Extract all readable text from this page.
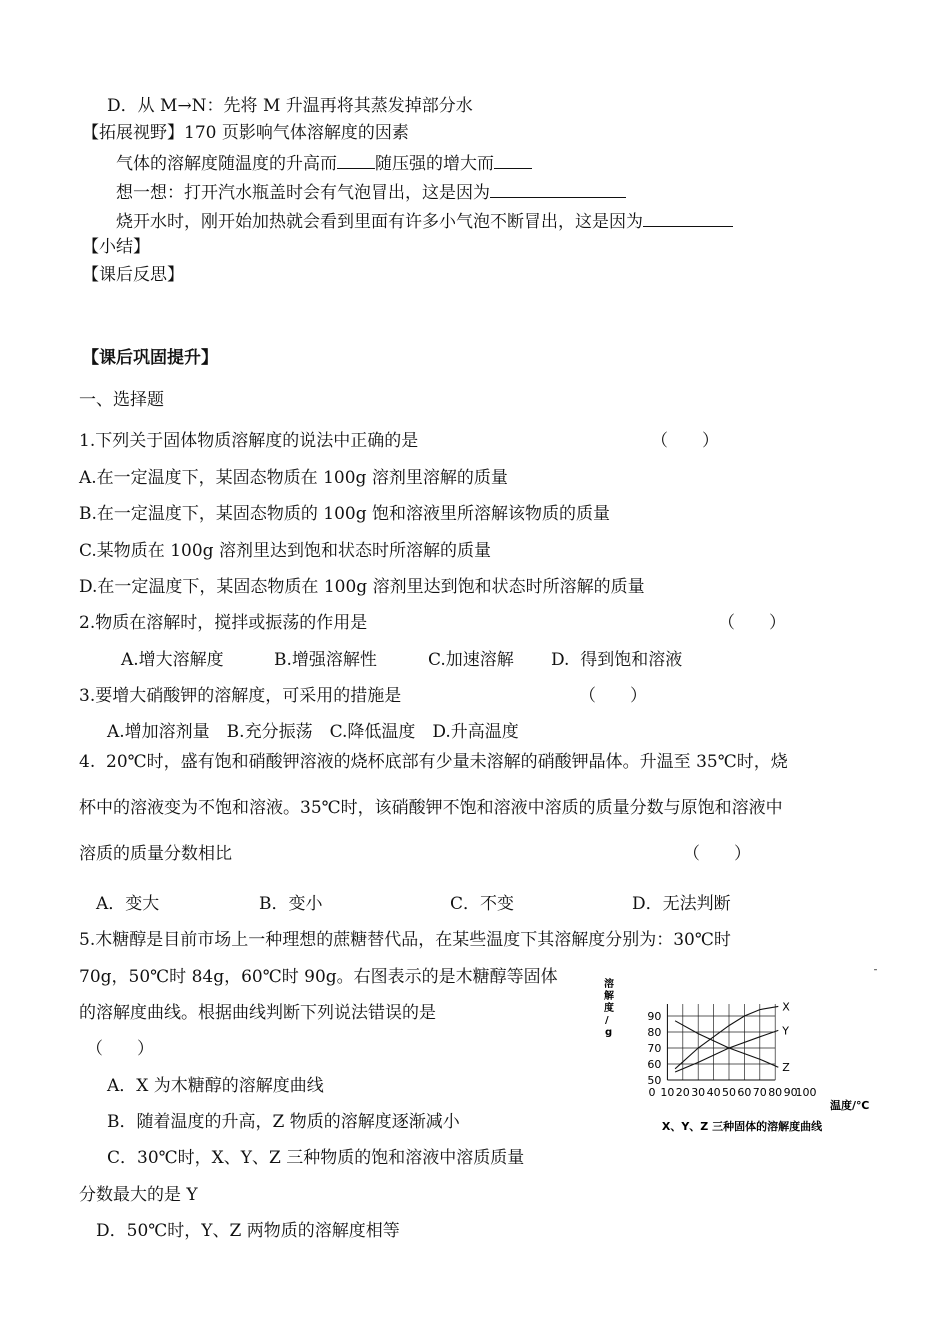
D．从 M→N：先将 M 升温再将其蒸发掉部分水
【拓展视野】170 页影响气体溶解度的因素
气体的溶解度随温度的升高而 随压强的增大而
想一想：打开汽水瓶盖时会有气泡冒出，这是因为
烧开水时，刚开始加热就会看到里面有许多小气泡不断冒出，这是因为
【小结】
【课后反思】
【课后巩固提升】
一、选择题
1.下列关于固体物质溶解度的说法中正确的是	（　　）
A.在一定温度下，某固态物质在 100g 溶剂里溶解的质量
B.在一定温度下，某固态物质的 100g 饱和溶液里所溶解该物质的质量
C.某物质在 100g 溶剂里达到饱和状态时所溶解的质量
D.在一定温度下，某固态物质在 100g 溶剂里达到饱和状态时所溶解的质量
2.物质在溶解时，搅拌或振荡的作用是	（　　）
A.增大溶解度	B.增强溶解性	C.加速溶解 D.  得到饱和溶液
3.要增大硝酸钾的溶解度，可采用的措施是	（　　）
A.增加溶剂量　B.充分振荡　C.降低温度　D.升高温度
4.  20℃时，盛有饱和硝酸钾溶液的烧杯底部有少量未溶解的硝酸钾晶体。升温至 35℃时，烧
杯中的溶液变为不饱和溶液。35℃时，该硝酸钾不饱和溶液中溶质的质量分数与原饱和溶液中
溶质的质量分数相比	（　　）
A．变大	B．变小	C．不变	D．无法判断
5.木糖醇是目前市场上一种理想的蔗糖替代品，在某些温度下其溶解度分别为：30℃时
70g，50℃时 84g，60℃时 90g。右图表示的是木糖醇等固体
的溶解度曲线。根据曲线判断下列说法错误的是
（　　）
A．X 为木糖醇的溶解度曲线
B．随着温度的升高，Z 物质的溶解度逐渐减小
C．30℃时，X、Y、Z 三种物质的饱和溶液中溶质质量
分数最大的是 Y
D．50℃时，Y、Z 两物质的溶解度相等
50
60
70
80
90
0 10 20 30 40 50 60 70 80 90
100
X
Y
Z
溶
解
度
/
g
温度/℃
X、Y、Z 三种固体的溶解度曲线
ˉ
